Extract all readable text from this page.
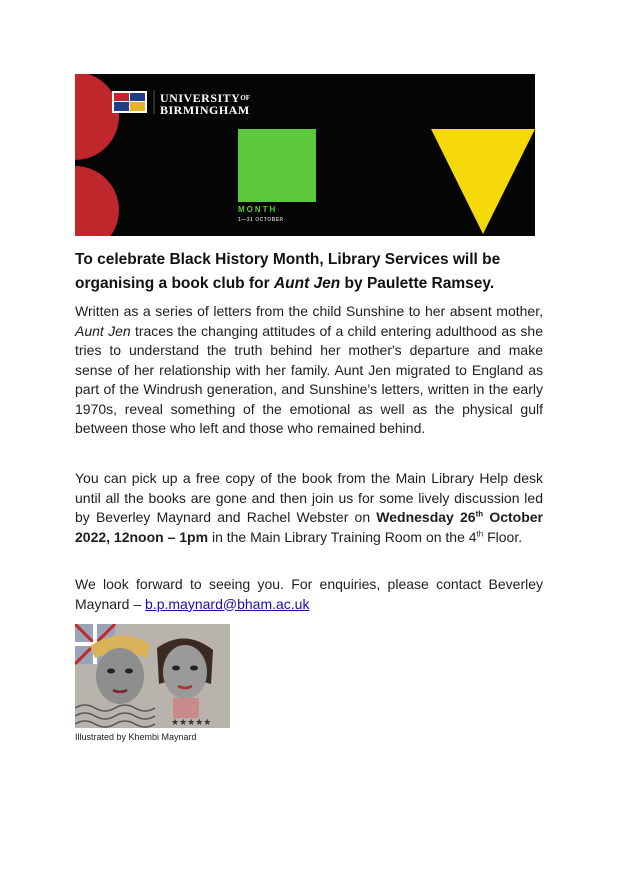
$UNIVERSITY^{OF}$
BIRMINGHAM
BLACK
HISTORY
MONTH
1—31 OCTOBER
To celebrate Black History Month, Library Services will be organising a book club for Aunt Jen by Paulette Ramsey.
Written as a series of letters from the child Sunshine to her absent mother, Aunt Jen traces the changing attitudes of a child entering adulthood as she tries to understand the truth behind her mother's departure and make sense of her relationship with her family. Aunt Jen migrated to England as part of the Windrush generation, and Sunshine's letters, written in the early 1970s, reveal something of the emotional as well as the physical gulf between those who left and those who remained behind.
You can pick up a free copy of the book from the Main Library Help desk until all the books are gone and then join us for some lively discussion led by Beverley Maynard and Rachel Webster on Wednesday 26th October 2022, 12noon – 1pm in the Main Library Training Room on the 4th Floor.
We look forward to seeing you. For enquiries, please contact Beverley Maynard – b.p.maynard@bham.ac.uk
★★★★★
Illustrated by Khembi Maynard
